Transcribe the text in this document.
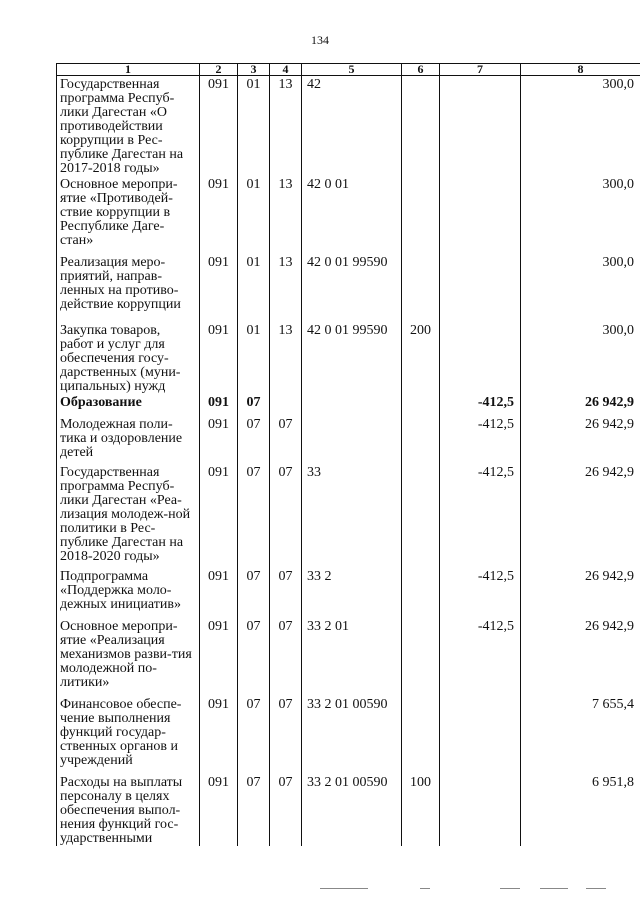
134
1	2	3	4	5	6	7	8
Государственная программа Респуб-лики Дагестан «О противодействии коррупции в Рес-публике Дагестан на 2017-2018 годы»	091	01	13	42			300,0
Основное меропри-ятие «Противодей-ствие коррупции в Республике Даге-стан»	091	01	13	42 0 01			300,0
Реализация меро-приятий, направ-ленных на противо-действие коррупции	091	01	13	42 0 01 99590			300,0
Закупка товаров, работ и услуг для обеспечения госу-дарственных (муни-ципальных) нужд	091	01	13	42 0 01 99590	200		300,0
Образование	091	07				-412,5	26 942,9
Молодежная поли-тика и оздоровление детей	091	07	07			-412,5	26 942,9
Государственная программа Респуб-лики Дагестан «Реа-лизация молодеж-ной политики в Рес-публике Дагестан на 2018-2020 годы»	091	07	07	33		-412,5	26 942,9
Подпрограмма «Поддержка моло-дежных инициатив»	091	07	07	33 2		-412,5	26 942,9
Основное меропри-ятие «Реализация механизмов разви-тия молодежной по-литики»	091	07	07	33 2 01		-412,5	26 942,9
Финансовое обеспе-чение выполнения функций государ-ственных органов и учреждений	091	07	07	33 2 01 00590			7 655,4
Расходы на выплаты персоналу в целях обеспечения выпол-нения функций гос-ударственными	091	07	07	33 2 01 00590	100		6 951,8
